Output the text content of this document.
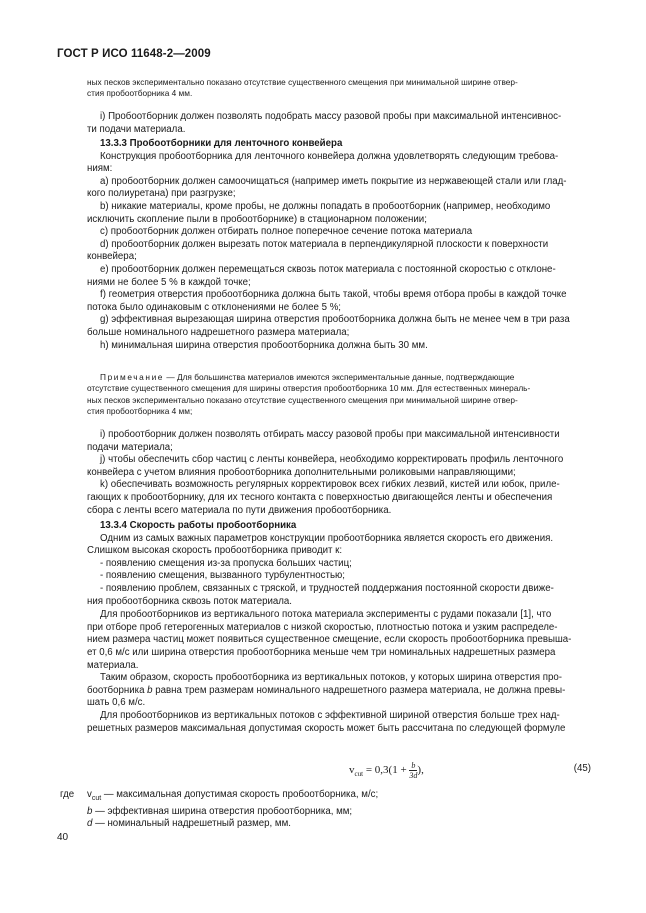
ГОСТ Р ИСО 11648-2—2009

ных песков экспериментально показано отсутствие существенного смещения при минимальной ширине отвер-

стия пробоотборника 4 мм.

i) Пробоотборник должен позволять подобрать массу разовой пробы при максимальной интенсивнос-

ти подачи материала.

13.3.3 Пробоотборники для ленточного конвейера

Конструкция пробоотборника для ленточного конвейера должна удовлетворять следующим требова-

ниям:

а) пробоотборник должен самоочищаться (например иметь покрытие из нержавеющей стали или глад-

кого полиуретана) при разгрузке;

b) никакие материалы, кроме пробы, не должны попадать в пробоотборник (например, необходимо

исключить скопление пыли в пробоотборнике) в стационарном положении;

c) пробоотборник должен отбирать полное поперечное сечение потока материала

d) пробоотборник должен вырезать поток материала в перпендикулярной плоскости к поверхности

конвейера;

e) пробоотборник должен перемещаться сквозь поток материала с постоянной скоростью с отклоне-

ниями не более 5 % в каждой точке;

f) геометрия отверстия пробоотборника должна быть такой, чтобы время отбора пробы в каждой точке

потока было одинаковым с отклонениями не более 5 %;

g) эффективная вырезающая ширина отверстия пробоотборника должна быть не менее чем в три раза

больше номинального надрешетного размера материала;

h) минимальная ширина отверстия пробоотборника должна быть 30 мм.

Примечание — Для большинства материалов имеются экспериментальные данные, подтверждающие

отсутствие существенного смещения для ширины отверстия пробоотборника 10 мм. Для естественных минераль-

ных песков экспериментально показано отсутствие существенного смещения при минимальной ширине отвер-

стия пробоотборника 4 мм;

i) пробоотборник должен позволять отбирать массу разовой пробы при максимальной интенсивности

подачи материала;

j) чтобы обеспечить сбор частиц с ленты конвейера, необходимо корректировать профиль ленточного

конвейера с учетом влияния пробоотборника дополнительными роликовыми направляющими;

k) обеспечивать возможность регулярных корректировок всех гибких лезвий, кистей или юбок, прилe-

гающих к пробоотборнику, для их тесного контакта с поверхностью двигающейся ленты и обеспечения

сбора с ленты всего материала по пути движения пробоотборника.

13.3.4 Скорость работы пробоотборника

Одним из самых важных параметров конструкции пробоотборника является скорость его движения.

Слишком высокая скорость пробоотборника приводит к:

- появлению смещения из-за пропуска больших частиц;

- появлению смещения, вызванного турбулентностью;

- появлению проблем, связанных с тряской, и трудностей поддержания постоянной скорости движе-

ния пробоотборника сквозь поток материала.

Для пробоотборников из вертикального потока материала эксперименты с рудами показали [1], что

при отборе проб гетерогенных материалов с низкой скоростью, плотностью потока и узким распределе-

нием размера частиц может появиться существенное смещение, если скорость пробоотборника превыша-

ет 0,6 м/с или ширина отверстия пробоотборника меньше чем три номинальных надрешетных размера

материала.

Таким образом, скорость пробоотборника из вертикальных потоков, у которых ширина отверстия про-

боотборника b равна трем размерам номинального надрешетного размера материала, не должна превы-

шать 0,6 м/с.

Для пробоотборников из вертикальных потоков с эффективной шириной отверстия больше трех над-

решетных размеров максимальная допустимая скорость может быть рассчитана по следующей формуле

$v_{cut} = 0,3(1 + \frac{b}{3d}$ ),	(45)
где $v_{cut}$ — максимальная допустимая скорость пробоотборника, м/с;
b — эффективная ширина отверстия пробоотборника, мм;
d — номинальный надрешетный размер, мм.
40
